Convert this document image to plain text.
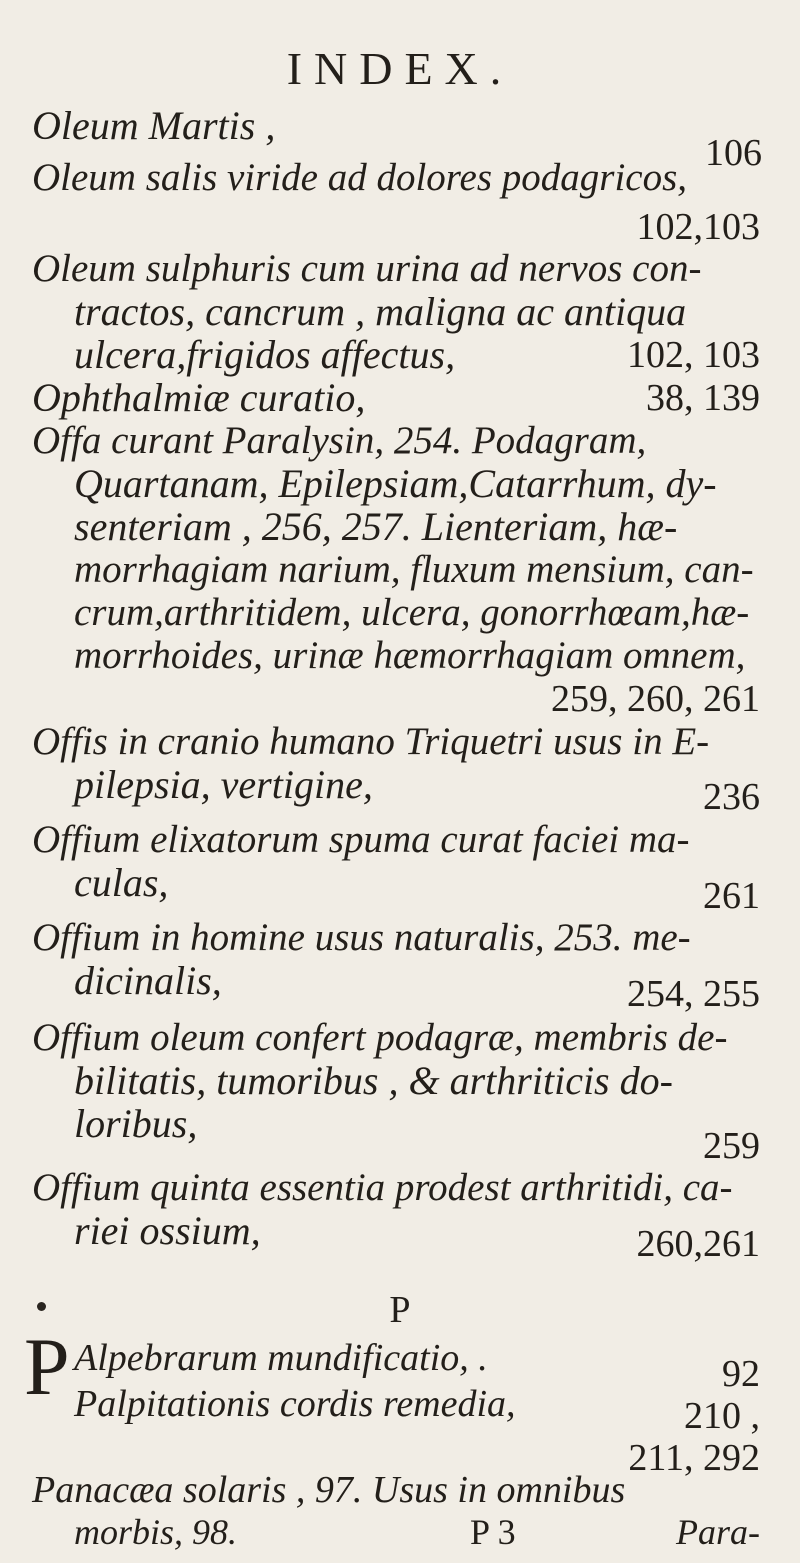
INDEX.
Oleum Martis ,
106
Oleum salis viride ad dolores podagricos,
102,103
Oleum sulphuris cum urina ad nervos con-
tractos, cancrum , maligna ac antiqua
ulcera,frigidos affectus,	102, 103
Ophthalmiæ curatio,	38, 139
Offa curant Paralysin, 254. Podagram,
Quartanam, Epilepsiam,Catarrhum, dy-
senteriam , 256, 257. Lienteriam, hæ-
morrhagiam narium, fluxum mensium, can-
crum,arthritidem, ulcera, gonorrhœam,hæ-
morrhoides, urinæ hæmorrhagiam omnem,
259, 260, 261
Offis in cranio humano Triquetri usus in E-
pilepsia, vertigine,	236
Offium elixatorum spuma curat faciei ma-
culas,	261
Offium in homine usus naturalis, 253. me-
dicinalis,	254, 255
Offium oleum confert podagræ, membris de-
bilitatis, tumoribus , & arthriticis do-
loribus,	259
Offium quinta essentia prodest arthritidi, ca-
riei ossium,	260,261
P
P Alpebrarum mundificatio, .	92
Palpitationis cordis remedia,	210 ,
211, 292
Panacæa solaris , 97. Usus in omnibus
morbis, 98.	P 3	Para-
